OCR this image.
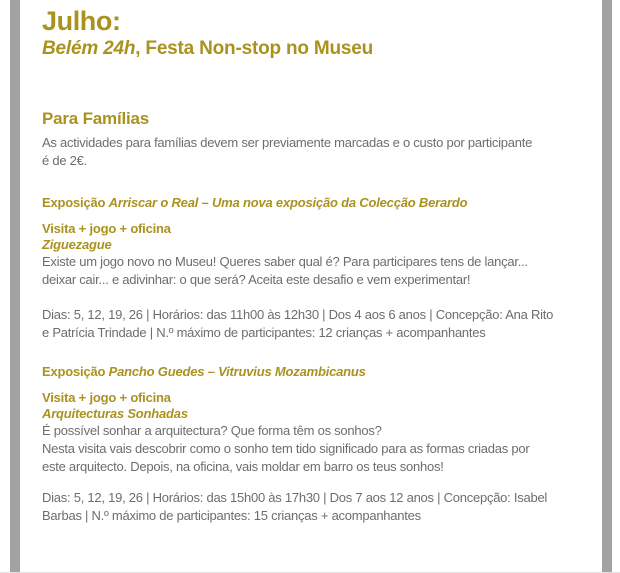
Julho:
Belém 24h, Festa Non-stop no Museu
Para Famílias
As actividades para famílias devem ser previamente marcadas e o custo por participante
é de 2€.
Exposição Arriscar o Real – Uma nova exposição da Colecção Berardo
Visita + jogo + oficina
Ziguezague
Existe um jogo novo no Museu! Queres saber qual é? Para participares tens de lançar...
deixar cair... e adivinhar: o que será? Aceita este desafio e vem experimentar!
Dias: 5, 12, 19, 26 | Horários: das 11h00 às 12h30 | Dos 4 aos 6 anos | Concepção: Ana Rito
e Patrícia Trindade | N.º máximo de participantes: 12 crianças + acompanhantes
Exposição Pancho Guedes – Vitruvius Mozambicanus
Visita + jogo + oficina
Arquitecturas Sonhadas
É possível sonhar a arquitectura? Que forma têm os sonhos?
Nesta visita vais descobrir como o sonho tem tido significado para as formas criadas por
este arquitecto. Depois, na oficina, vais moldar em barro os teus sonhos!
Dias: 5, 12, 19, 26 | Horários: das 15h00 às 17h30 | Dos 7 aos 12 anos | Concepção: Isabel
Barbas | N.º máximo de participantes: 15 crianças + acompanhantes
